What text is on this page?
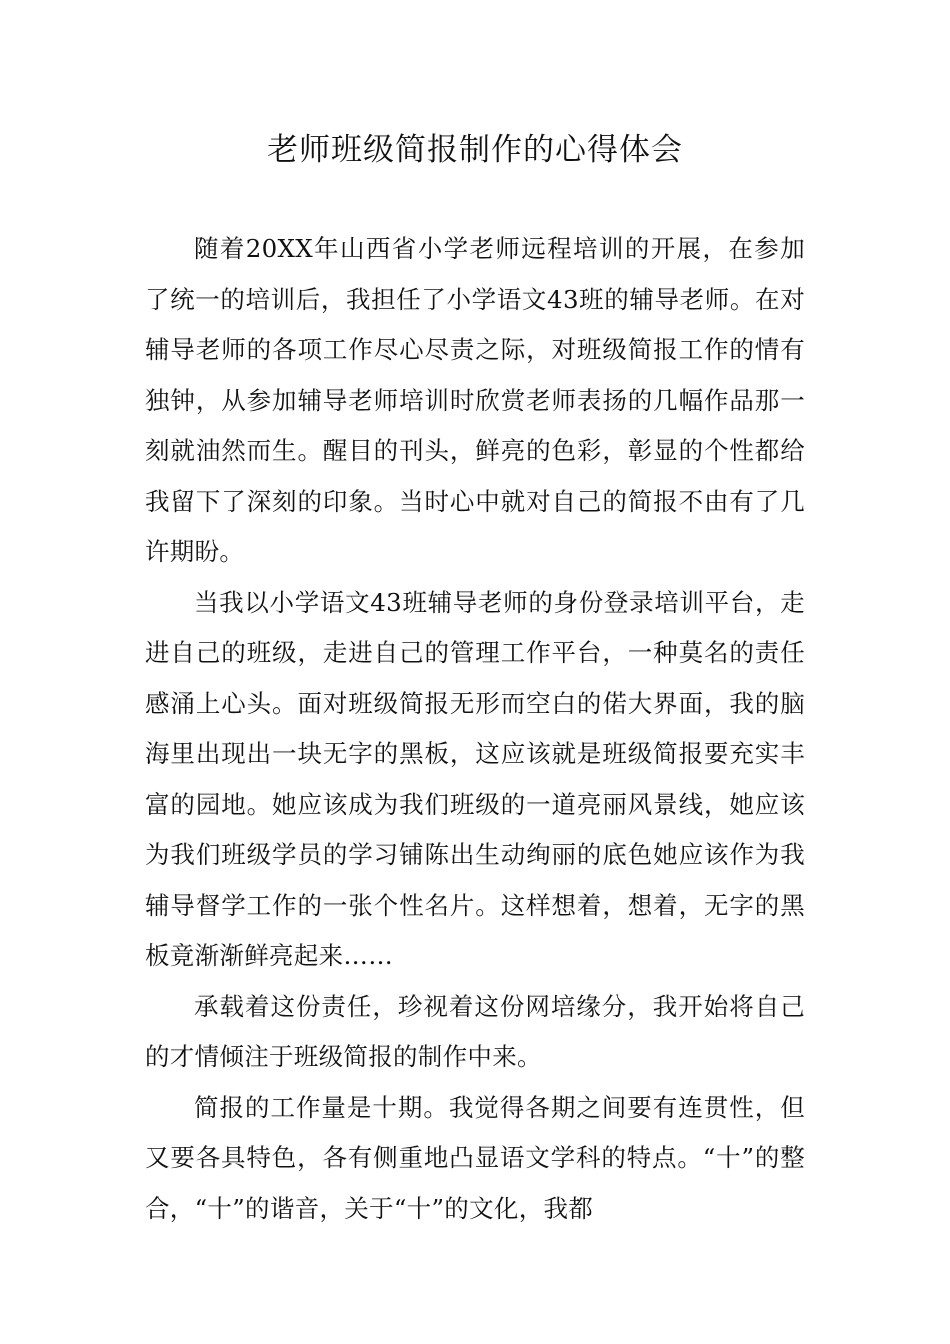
老师班级简报制作的心得体会

随着20XX年山西省小学老师远程培训的开展，在参加了统一的培训后，我担任了小学语文43班的辅导老师。在对辅导老师的各项工作尽心尽责之际，对班级简报工作的情有独钟，从参加辅导老师培训时欣赏老师表扬的几幅作品那一刻就油然而生。醒目的刊头，鲜亮的色彩，彰显的个性都给我留下了深刻的印象。当时心中就对自己的简报不由有了几许期盼。

当我以小学语文43班辅导老师的身份登录培训平台，走进自己的班级，走进自己的管理工作平台，一种莫名的责任感涌上心头。面对班级简报无形而空白的偌大界面，我的脑海里出现出一块无字的黑板，这应该就是班级简报要充实丰富的园地。她应该成为我们班级的一道亮丽风景线，她应该为我们班级学员的学习铺陈出生动绚丽的底色她应该作为我辅导督学工作的一张个性名片。这样想着，想着，无字的黑板竟渐渐鲜亮起来……

承载着这份责任，珍视着这份网培缘分，我开始将自己的才情倾注于班级简报的制作中来。

简报的工作量是十期。我觉得各期之间要有连贯性，但又要各具特色，各有侧重地凸显语文学科的特点。“十”的整合，“十”的谐音，关于“十”的文化，我都
